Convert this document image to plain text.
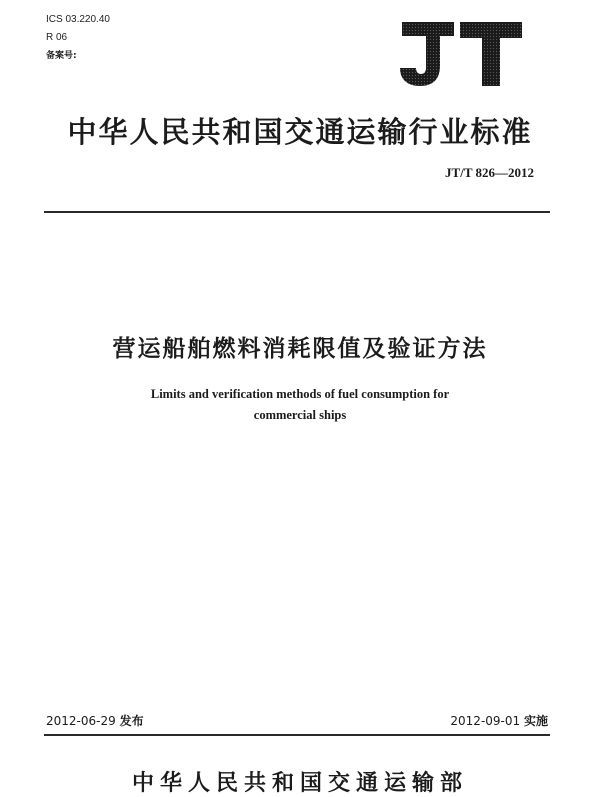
ICS 03.220.40
R 06
备案号:
中华人民共和国交通运输行业标准
JT/T 826—2012
营运船舶燃料消耗限值及验证方法
Limits and verification methods of fuel consumption for
commercial ships
2012-06-29 发布	2012-09-01 实施
中华人民共和国交通运输部
